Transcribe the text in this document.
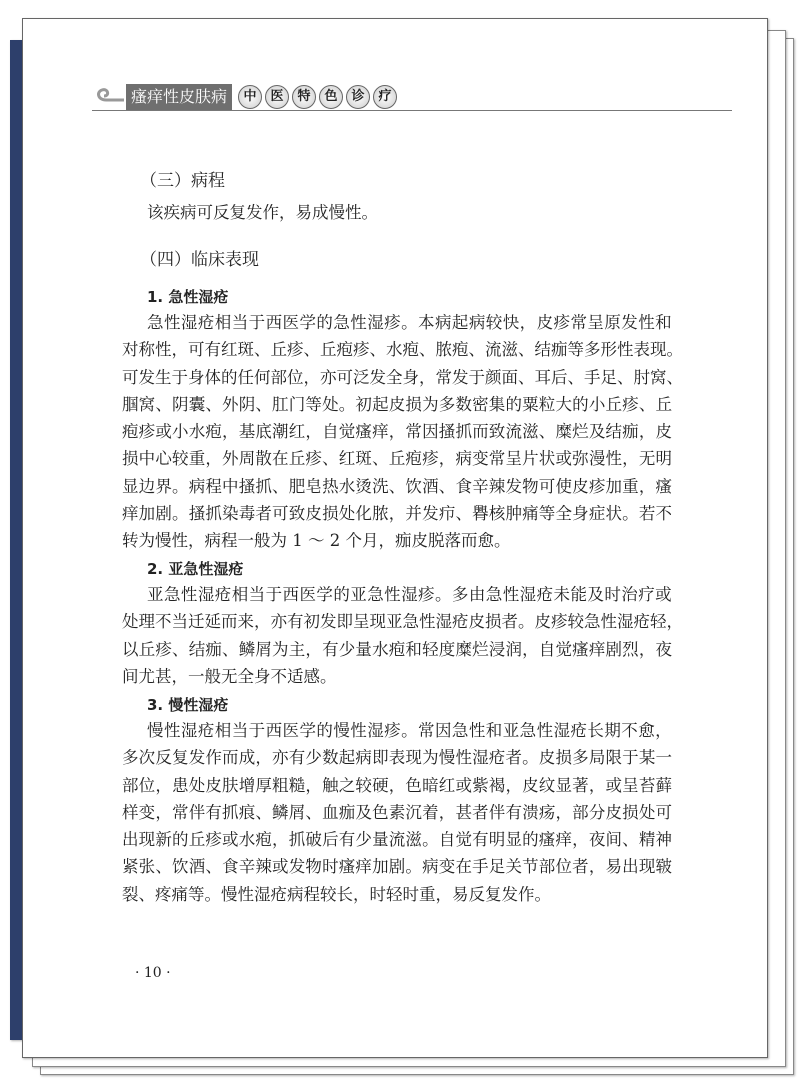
瘙痒性皮肤病	中	医	特	色	诊	疗
（三）病程
该疾病可反复发作，易成慢性。
（四）临床表现
1. 急性湿疮
急 性 湿 疮 相 当 于 西 医 学 的 急 性 湿 疹 。 本 病 起 病 较 快 ， 皮 疹 常 呈 原 发 性 和
对 称 性 ， 可 有 红 斑 、 丘 疹 、 丘 疱 疹 、 水 疱 、 脓 疱 、 流 滋 、 结 痂 等 多 形 性 表 现 。
可 发 生 于 身 体 的 任 何 部 位 ， 亦 可 泛 发 全 身 ， 常 发 于 颜 面 、 耳 后 、 手 足 、 肘 窝 、
腘 窝 、 阴 囊 、 外 阴 、 肛 门 等 处 。 初 起 皮 损 为 多 数 密 集 的 粟 粒 大 的 小 丘 疹 、 丘
疱 疹 或 小 水 疱 ， 基 底 潮 红 ， 自 觉 瘙 痒 ， 常 因 搔 抓 而 致 流 滋 、 糜 烂 及 结 痂 ， 皮
损 中 心 较 重 ， 外 周 散 在 丘 疹 、 红 斑 、 丘 疱 疹 ， 病 变 常 呈 片 状 或 弥 漫 性 ， 无 明
显 边 界 。 病 程 中 搔 抓 、 肥 皂 热 水 烫 洗 、 饮 酒 、 食 辛 辣 发 物 可 使 皮 疹 加 重 ， 瘙
痒 加 剧 。 搔 抓 染 毒 者 可 致 皮 损 处 化 脓 ， 并 发 疖 、 臖 核 肿 痛 等 全 身 症 状 。 若 不
转为慢性，病程一般为 1 ～ 2 个月，痂皮脱落而愈。
2. 亚急性湿疮
亚 急 性 湿 疮 相 当 于 西 医 学 的 亚 急 性 湿 疹 。 多 由 急 性 湿 疮 未 能 及 时 治 疗 或
处 理 不 当 迁 延 而 来 ， 亦 有 初 发 即 呈 现 亚 急 性 湿 疮 皮 损 者 。 皮 疹 较 急 性 湿 疮 轻 ，
以 丘 疹 、 结 痂 、 鳞 屑 为 主 ， 有 少 量 水 疱 和 轻 度 糜 烂 浸 润 ， 自 觉 瘙 痒 剧 烈 ， 夜
间尤甚，一般无全身不适感。
3. 慢性湿疮
慢 性 湿 疮 相 当 于 西 医 学 的 慢 性 湿 疹 。 常 因 急 性 和 亚 急 性 湿 疮 长 期 不 愈 ，
多 次 反 复 发 作 而 成 ， 亦 有 少 数 起 病 即 表 现 为 慢 性 湿 疮 者 。 皮 损 多 局 限 于 某 一
部 位 ， 患 处 皮 肤 增 厚 粗 糙 ， 触 之 较 硬 ， 色 暗 红 或 紫 褐 ， 皮 纹 显 著 ， 或 呈 苔 藓
样 变 ， 常 伴 有 抓 痕 、 鳞 屑 、 血 痂 及 色 素 沉 着 ， 甚 者 伴 有 溃 疡 ， 部 分 皮 损 处 可
出 现 新 的 丘 疹 或 水 疱 ， 抓 破 后 有 少 量 流 滋 。 自 觉 有 明 显 的 瘙 痒 ， 夜 间 、 精 神
紧 张 、 饮 酒 、 食 辛 辣 或 发 物 时 瘙 痒 加 剧 。 病 变 在 手 足 关 节 部 位 者 ， 易 出 现 皲
裂、疼痛等。慢性湿疮病程较长，时轻时重，易反复发作。
· 10 ·
